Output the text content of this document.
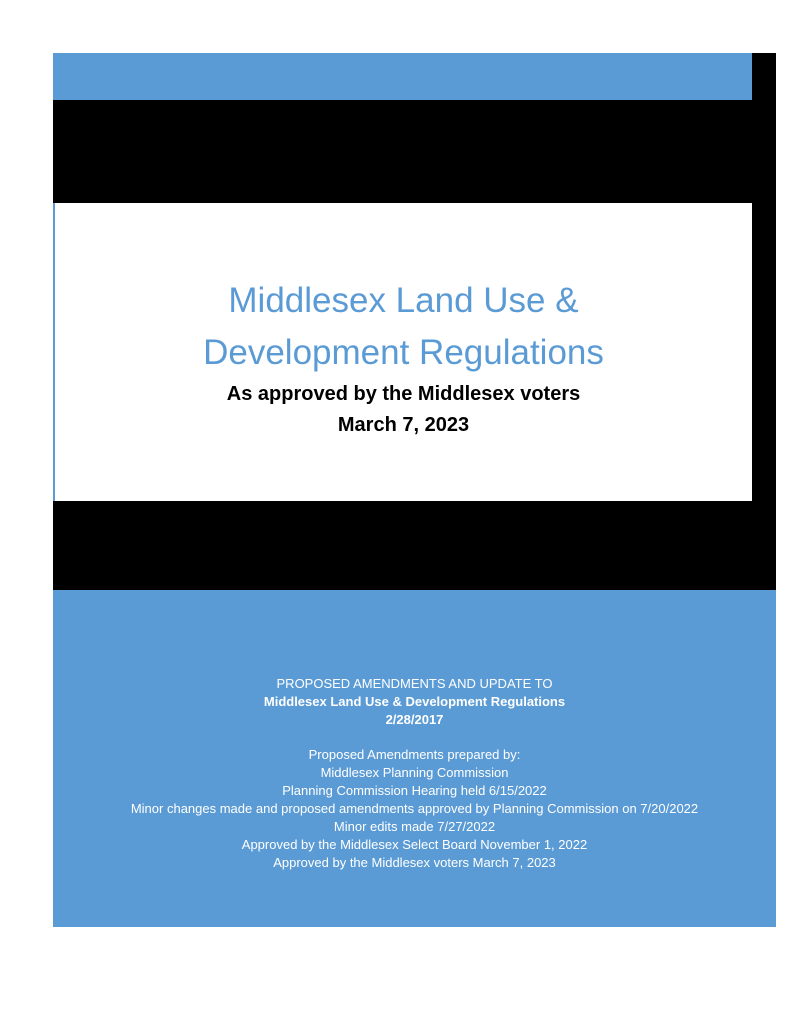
Middlesex Land Use &

Development Regulations

As approved by the Middlesex voters

March 7, 2023

PROPOSED AMENDMENTS AND UPDATE TO

Middlesex Land Use & Development Regulations

2/28/2017

Proposed Amendments prepared by:

Middlesex Planning Commission

Planning Commission Hearing held 6/15/2022

Minor changes made and proposed amendments approved by Planning Commission on 7/20/2022

Minor edits made 7/27/2022

Approved by the Middlesex Select Board November 1, 2022

Approved by the Middlesex voters March 7, 2023
